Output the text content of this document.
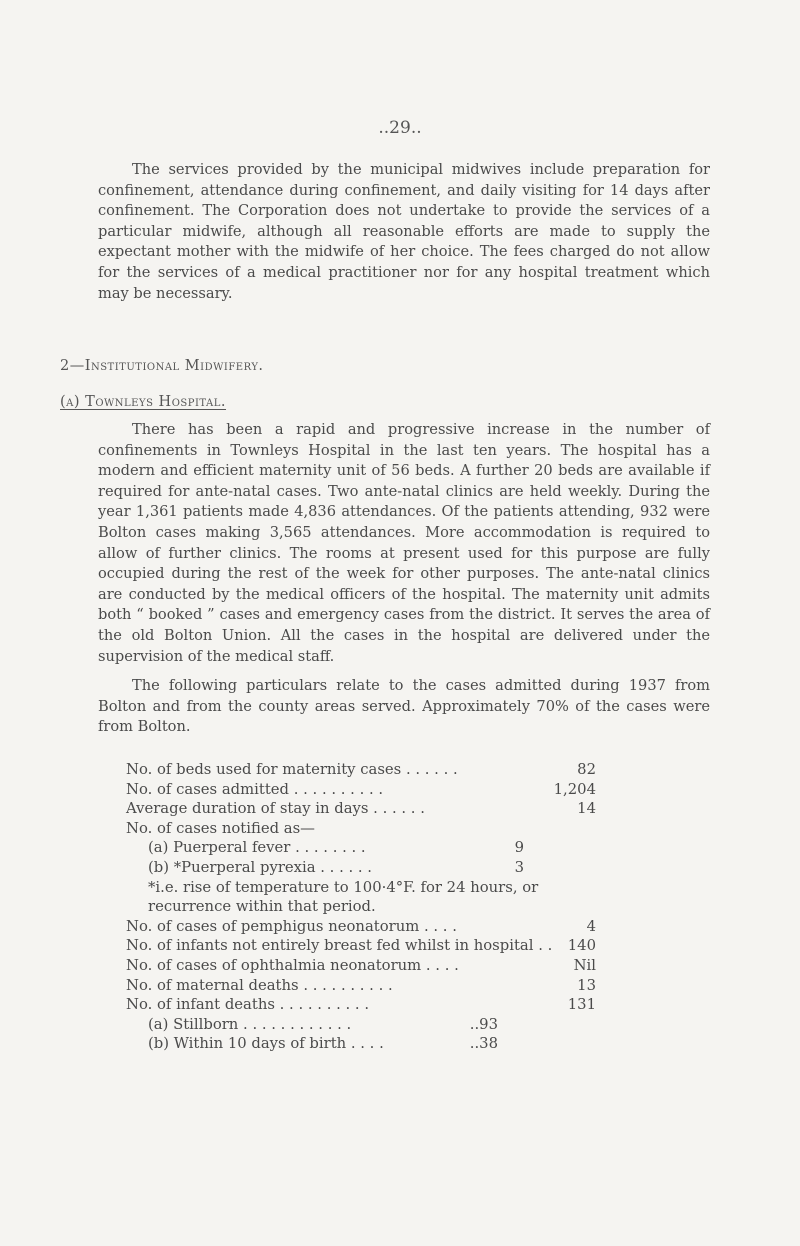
..29..

The services provided by the municipal midwives include preparation for confinement, attendance during confinement, and daily visiting for 14 days after confinement. The Corporation does not undertake to provide the services of a particular midwife, although all reasonable efforts are made to supply the expectant mother with the midwife of her choice. The fees charged do not allow for the services of a medical practitioner nor for any hospital treatment which may be necessary.

2—Institutional Midwifery.
(a) Townleys Hospital.

There has been a rapid and progressive increase in the number of confinements in Townleys Hospital in the last ten years. The hospital has a modern and efficient maternity unit of 56 beds. A further 20 beds are available if required for ante-natal cases. Two ante-natal clinics are held weekly. During the year 1,361 patients made 4,836 attendances. Of the patients attending, 932 were Bolton cases making 3,565 attendances. More accommodation is required to allow of further clinics. The rooms at present used for this purpose are fully occupied during the rest of the week for other purposes. The ante-natal clinics are conducted by the medical officers of the hospital. The maternity unit admits both “ booked ” cases and emergency cases from the district. It serves the area of the old Bolton Union. All the cases in the hospital are delivered under the supervision of the medical staff.

The following particulars relate to the cases admitted during 1937 from Bolton and from the county areas served. Approximately 70% of the cases were from Bolton.

No. of beds used for maternity cases . . . . . .	82
No. of cases admitted . . . . . . . . . .	1,204
Average duration of stay in days . . . . . .	14
No. of cases notified as—
(a) Puerperal fever . . . . . . . .	9
(b) *Puerperal pyrexia . . . . . .	3
*i.e. rise of temperature to 100·4°F. for 24 hours, or
recurrence within that period.
No. of cases of pemphigus neonatorum . . . .	4
No. of infants not entirely breast fed whilst in hospital . . 140
No. of cases of ophthalmia neonatorum . . . .	Nil
No. of maternal deaths . . . . . . . . . .	13
No. of infant deaths . . . . . . . . . .	131
(a) Stillborn . . . . . . . . . . . .	..93
(b) Within 10 days of birth . . . .	..38
